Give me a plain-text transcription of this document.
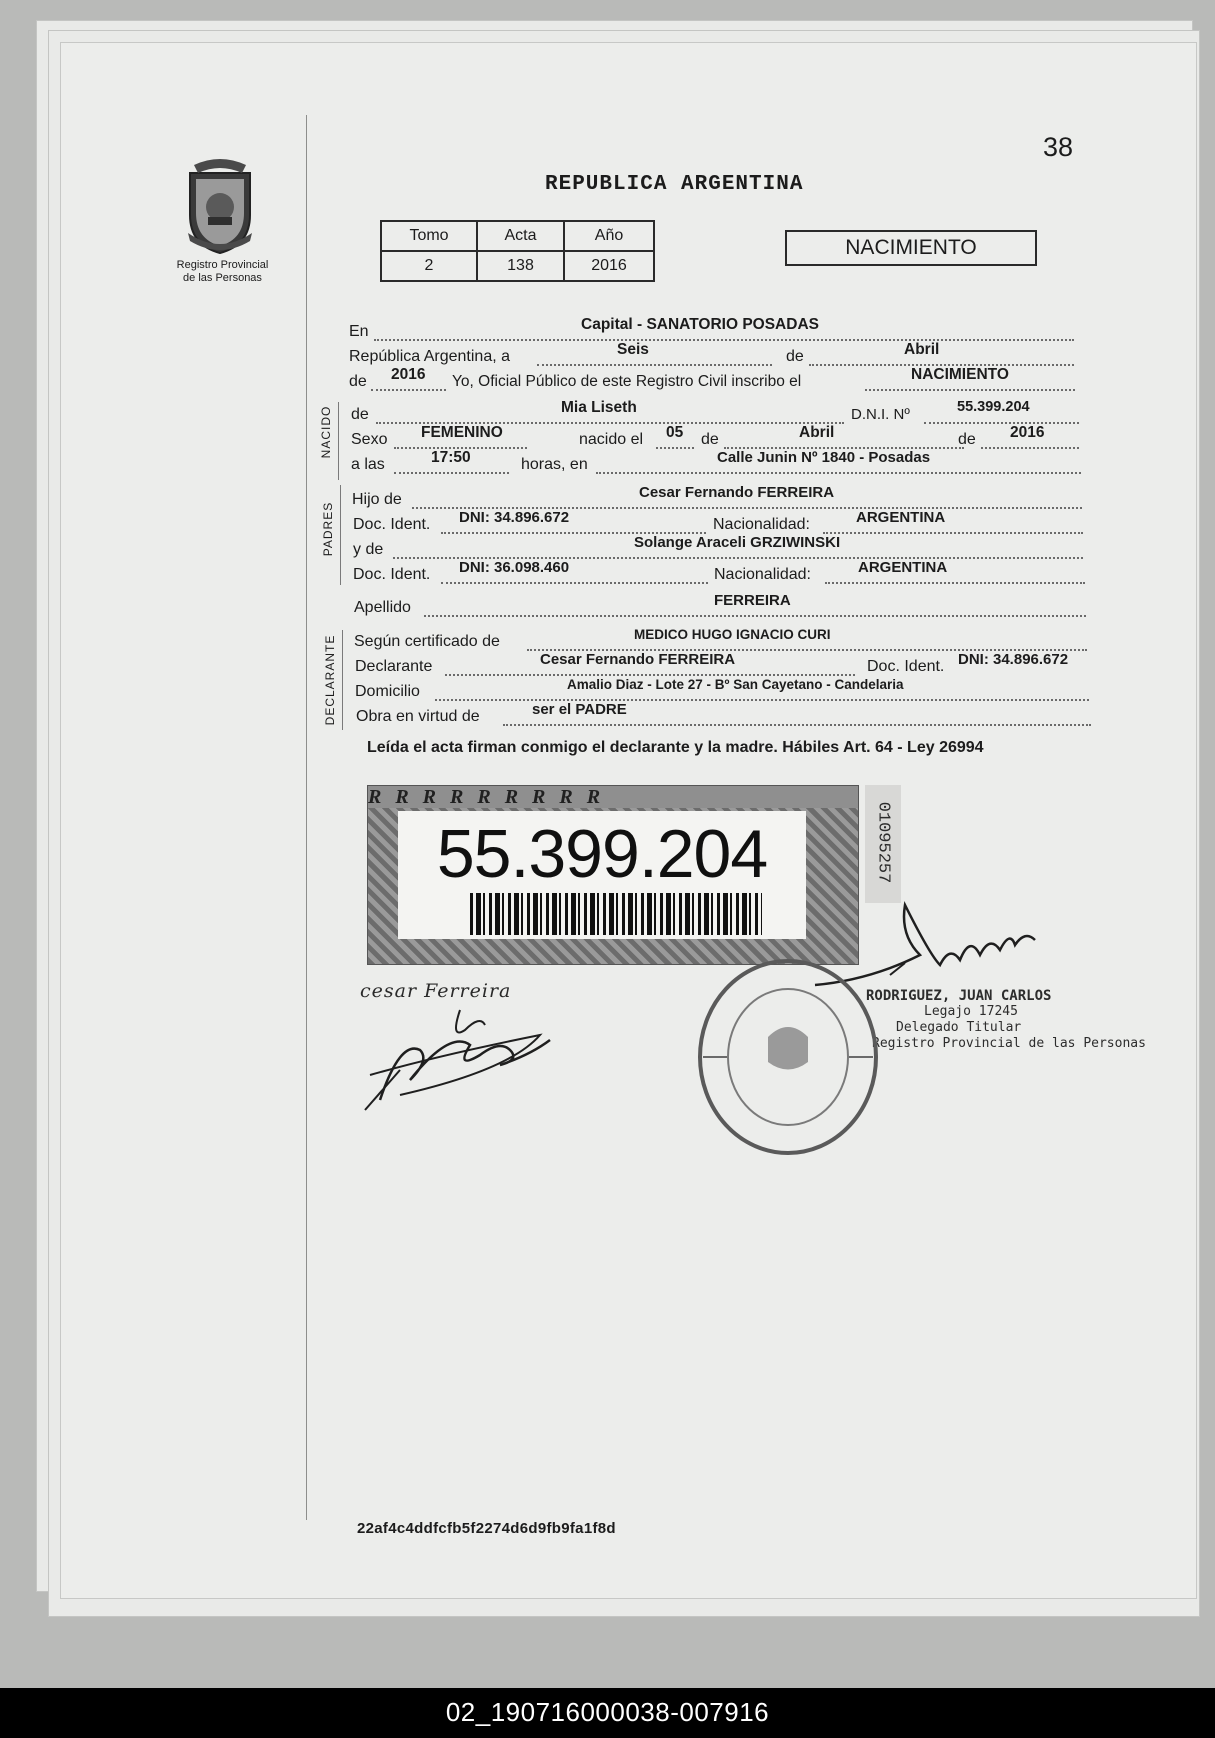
38
Registro Provincial
de las Personas
REPUBLICA ARGENTINA
Tomo	Acta	Año
2	138	2016
NACIMIENTO
En	Capital - SANATORIO POSADAS
República Argentina, a	Seis	de	Abril
de 2016 Yo, Oficial Público de este Registro Civil inscribo el	NACIMIENTO
NACIDO de	Mia Liseth	D.N.I. Nº	55.399.204
Sexo FEMENINO	nacido el 05 de	Abril	de 2016
a las	17:50	horas, en	Calle Junin Nº 1840 - Posadas
PADRES
Hijo de	Cesar Fernando FERREIRA
Doc. Ident. DNI: 34.896.672	Nacionalidad:	ARGENTINA
y de	Solange Araceli GRZIWINSKI
Doc. Ident. DNI: 36.098.460	Nacionalidad:	ARGENTINA
Apellido	FERREIRA
DECLARANTE Según certificado de	MEDICO HUGO IGNACIO CURI
Declarante	Cesar Fernando FERREIRA	Doc. Ident. DNI: 34.896.672
Domicilio	Amalio Diaz - Lote 27 - Bº San Cayetano - Candelaria
Obra en virtud de	ser el PADRE
Leída el acta firman conmigo el declarante y la madre. Hábiles Art. 64 - Ley 26994
RRRRRRRRR
55.399.204	01095257
cesar Ferreira	RODRIGUEZ, JUAN CARLOS
Legajo 17245
Delegado Titular
Registro Provincial de las Personas
22af4c4ddfcfb5f2274d6d9fb9fa1f8d
02_190716000038-007916
